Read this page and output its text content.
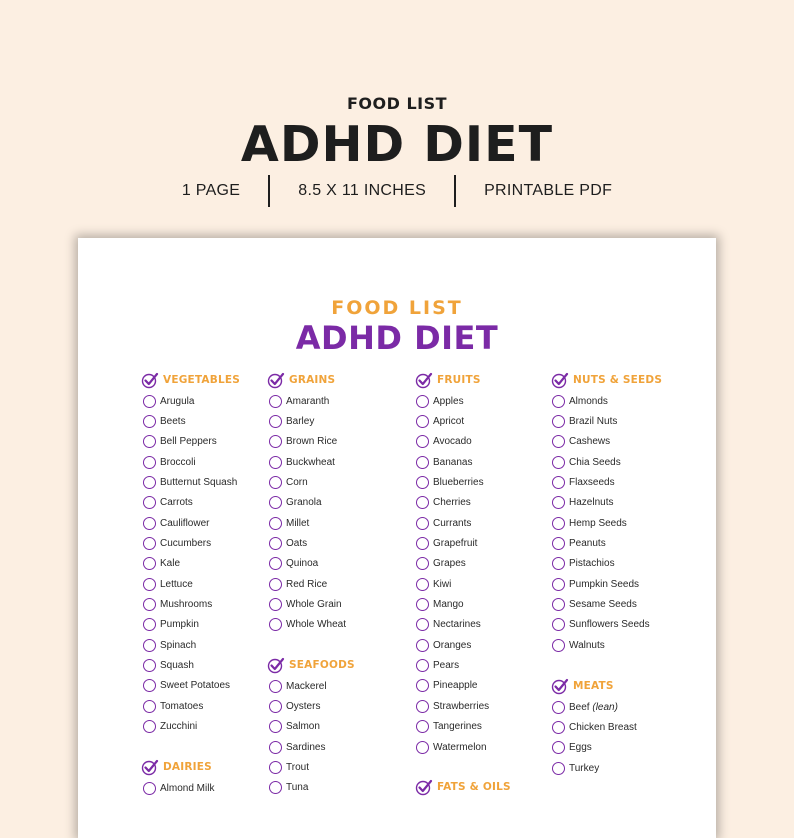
FOOD LIST
ADHD DIET
1 PAGE	8.5 X 11 INCHES	PRINTABLE PDF
FOOD LIST
ADHD DIET
VEGETABLES
Arugula
Beets
Bell Peppers
Broccoli
Butternut Squash
Carrots
Cauliflower
Cucumbers
Kale
Lettuce
Mushrooms
Pumpkin
Spinach
Squash
Sweet Potatoes
Tomatoes
Zucchini
DAIRIES
Almond Milk
GRAINS
Amaranth
Barley
Brown Rice
Buckwheat
Corn
Granola
Millet
Oats
Quinoa
Red Rice
Whole Grain
Whole Wheat
SEAFOODS
Mackerel
Oysters
Salmon
Sardines
Trout
Tuna
FRUITS
Apples
Apricot
Avocado
Bananas
Blueberries
Cherries
Currants
Grapefruit
Grapes
Kiwi
Mango
Nectarines
Oranges
Pears
Pineapple
Strawberries
Tangerines
Watermelon
FATS & OILS
NUTS & SEEDS
Almonds
Brazil Nuts
Cashews
Chia Seeds
Flaxseeds
Hazelnuts
Hemp Seeds
Peanuts
Pistachios
Pumpkin Seeds
Sesame Seeds
Sunflowers Seeds
Walnuts
MEATS
Beef (lean)
Chicken Breast
Eggs
Turkey
